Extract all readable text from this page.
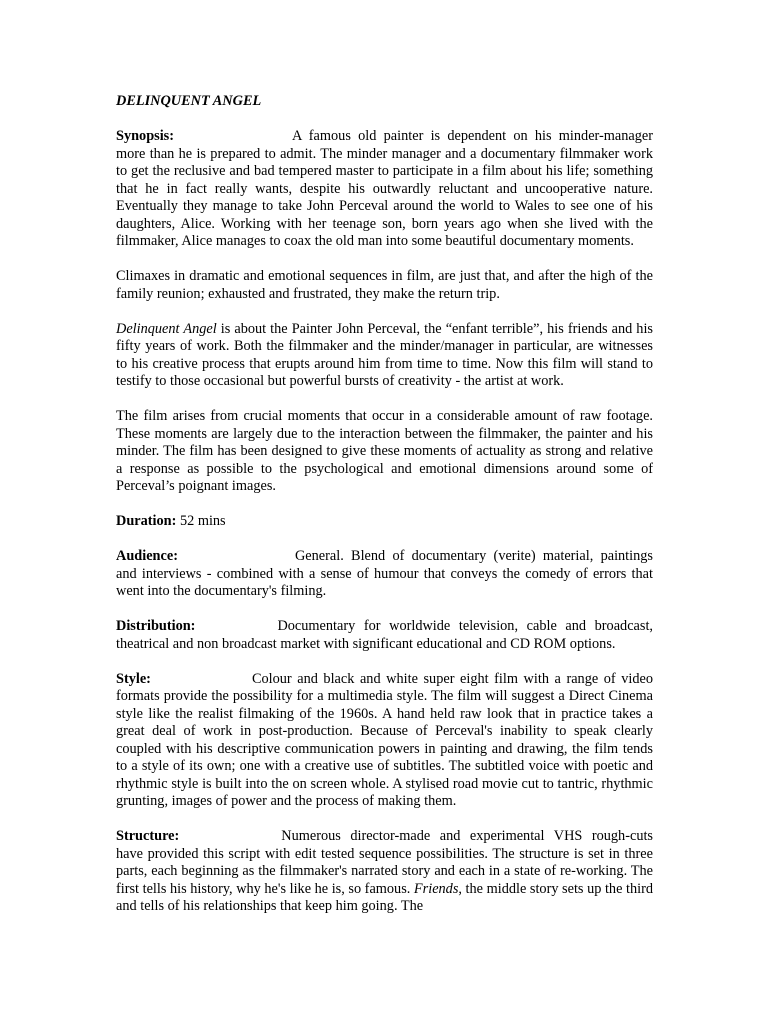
DELINQUENT ANGEL

Synopsis:	A famous old painter is dependent on his minder-manager more than he is prepared to admit. The minder manager and a documentary filmmaker work to get the reclusive and bad tempered master to participate in a film about his life; something that he in fact really wants, despite his outwardly reluctant and uncooperative nature. Eventually they manage to take John Perceval around the world to Wales to see one of his daughters, Alice. Working with her teenage son, born years ago when she lived with the filmmaker, Alice manages to coax the old man into some beautiful documentary moments.

Climaxes in dramatic and emotional sequences in film, are just that, and after the high of the family reunion; exhausted and frustrated, they make the return trip.

Delinquent Angel is about the Painter John Perceval, the “enfant terrible”, his friends and his fifty years of work. Both the filmmaker and the minder/manager in particular, are witnesses to his creative process that erupts around him from time to time. Now this film will stand to testify to those occasional but powerful bursts of creativity - the artist at work.

The film arises from crucial moments that occur in a considerable amount of raw footage. These moments are largely due to the interaction between the filmmaker, the painter and his minder. The film has been designed to give these moments of actuality as strong and relative a response as possible to the psychological and emotional dimensions around some of Perceval’s poignant images.

Duration: 52 mins

Audience:	General. Blend of documentary (verite) material, paintings and interviews - combined with a sense of humour that conveys the comedy of errors that went into the documentary's filming.

Distribution:	Documentary for worldwide television, cable and broadcast, theatrical and non broadcast market with significant educational and CD ROM options.

Style:	Colour and black and white super eight film with a range of video formats provide the possibility for a multimedia style. The film will suggest a Direct Cinema style like the realist filmaking of the 1960s. A hand held raw look that in practice takes a great deal of work in post-production. Because of Perceval's inability to speak clearly coupled with his descriptive communication powers in painting and drawing, the film tends to a style of its own; one with a creative use of subtitles. The subtitled voice with poetic and rhythmic style is built into the on screen whole. A stylised road movie cut to tantric, rhythmic grunting, images of power and the process of making them.

Structure:	Numerous director-made and experimental VHS rough-cuts have provided this script with edit tested sequence possibilities. The structure is set in three parts, each beginning as the filmmaker's narrated story and each in a state of re-working. The first tells his history, why he's like he is, so famous. Friends, the middle story sets up the third and tells of his relationships that keep him going. The
